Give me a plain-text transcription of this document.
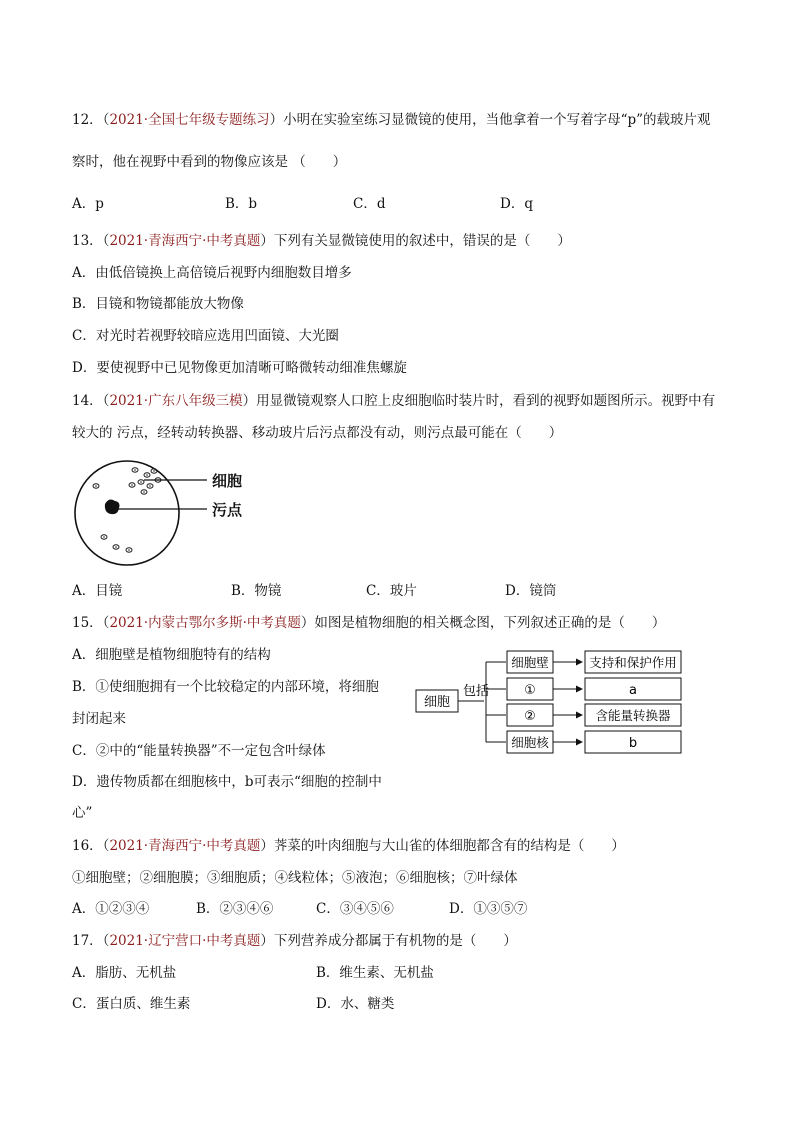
12．（2021·全国七年级专题练习）小明在实验室练习显微镜的使用，当他拿着一个写着字母“p”的载玻片观
察时，他在视野中看到的物像应该是 （　　）
A．p	B．b	C．d	D．q
13．（2021·青海西宁·中考真题）下列有关显微镜使用的叙述中，错误的是（　　）
A．由低倍镜换上高倍镜后视野内细胞数目增多
B．目镜和物镜都能放大物像
C．对光时若视野较暗应选用凹面镜、大光圈
D．要使视野中已见物像更加清晰可略微转动细准焦螺旋
14．（2021·广东八年级三模）用显微镜观察人口腔上皮细胞临时装片时，看到的视野如题图所示。视野中有
较大的 污点，经转动转换器、移动玻片后污点都没有动，则污点最可能在（　　）
细胞
污点
A．目镜	B．物镜	C．玻片	D．镜筒
15．（2021·内蒙古鄂尔多斯·中考真题）如图是植物细胞的相关概念图，下列叙述正确的是（　　）
A．细胞壁是植物细胞特有的结构
B．①使细胞拥有一个比较稳定的内部环境，将细胞
封闭起来
C．②中的“能量转换器”不一定包含叶绿体
D．遗传物质都在细胞核中，b可表示“细胞的控制中
心”
细胞
包括
细胞壁
①
②
细胞核
支持和保护作用
a
含能量转换器
b
16．（2021·青海西宁·中考真题）荠菜的叶肉细胞与大山雀的体细胞都含有的结构是（　　）
①细胞壁；②细胞膜；③细胞质；④线粒体；⑤液泡；⑥细胞核；⑦叶绿体
A．①②③④	B．②③④⑥	C．③④⑤⑥	D．①③⑤⑦
17．（2021·辽宁营口·中考真题）下列营养成分都属于有机物的是（　　）
A．脂肪、无机盐	B．维生素、无机盐
C．蛋白质、维生素	D．水、糖类
